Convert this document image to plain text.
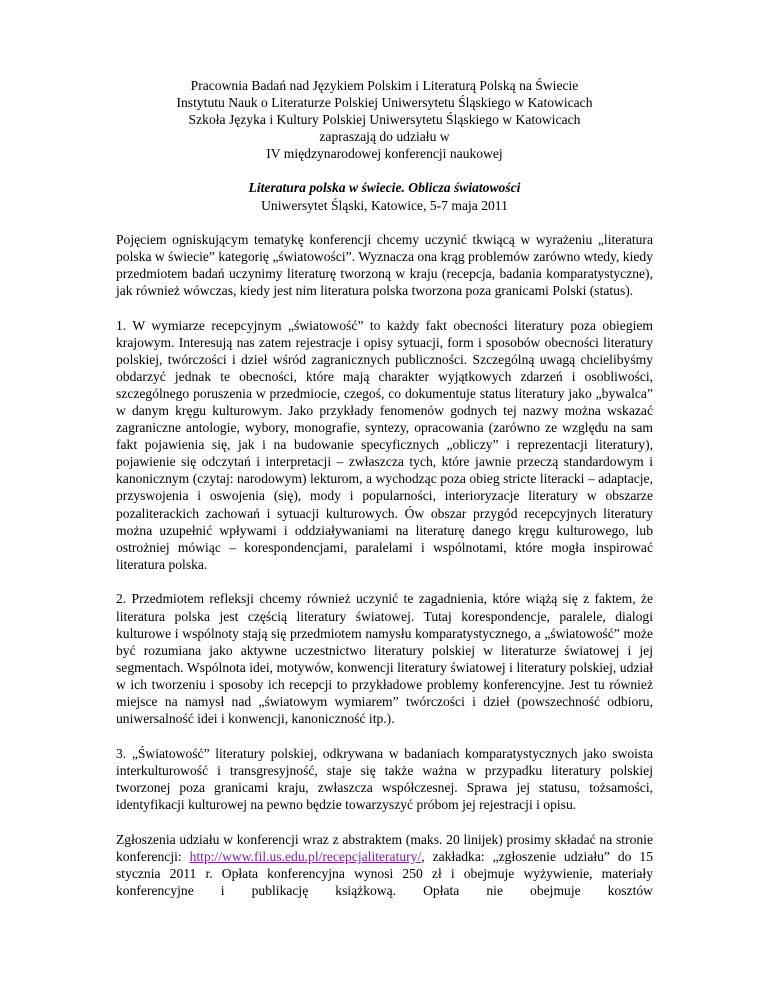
Pracownia Badań nad Językiem Polskim i Literaturą Polską na Świecie
Instytutu Nauk o Literaturze Polskiej Uniwersytetu Śląskiego w Katowicach
Szkoła Języka i Kultury Polskiej Uniwersytetu Śląskiego w Katowicach
zapraszają do udziału w
IV międzynarodowej konferencji naukowej
Literatura polska w świecie. Oblicza światowości
Uniwersytet Śląski, Katowice, 5-7 maja 2011

Pojęciem ogniskującym tematykę konferencji chcemy uczynić tkwiącą w wyrażeniu „literatura polska w świecie” kategorię „światowości”. Wyznacza ona krąg problemów zarówno wtedy, kiedy przedmiotem badań uczynimy literaturę tworzoną w kraju (recepcja, badania komparatystyczne), jak również wówczas, kiedy jest nim literatura polska tworzona poza granicami Polski (status).

1. W wymiarze recepcyjnym „światowość” to każdy fakt obecności literatury poza obiegiem krajowym. Interesują nas zatem rejestracje i opisy sytuacji, form i sposobów obecności literatury polskiej, twórczości i dzieł wśród zagranicznych publiczności. Szczególną uwagą chcielibyśmy obdarzyć jednak te obecności, które mają charakter wyjątkowych zdarzeń i osobliwości, szczególnego poruszenia w przedmiocie, czegoś, co dokumentuje status literatury jako „bywalca” w danym kręgu kulturowym. Jako przykłady fenomenów godnych tej nazwy można wskazać zagraniczne antologie, wybory, monografie, syntezy, opracowania (zarówno ze względu na sam fakt pojawienia się, jak i na budowanie specyficznych „obliczy” i reprezentacji literatury), pojawienie się odczytań i interpretacji – zwłaszcza tych, które jawnie przeczą standardowym i kanonicznym (czytaj: narodowym) lekturom, a wychodząc poza obieg stricte literacki – adaptacje, przyswojenia i oswojenia (się), mody i popularności, interioryzacje literatury w obszarze pozaliterackich zachowań i sytuacji kulturowych. Ów obszar przygód recepcyjnych literatury można uzupełnić wpływami i oddziaływaniami na literaturę danego kręgu kulturowego, lub ostrożniej mówiąc – korespondencjami, paralelami i wspólnotami, które mogła inspirować literatura polska.

2. Przedmiotem refleksji chcemy również uczynić te zagadnienia, które wiążą się z faktem, że literatura polska jest częścią literatury światowej. Tutaj korespondencje, paralele, dialogi kulturowe i wspólnoty stają się przedmiotem namysłu komparatystycznego, a „światowość” może być rozumiana jako aktywne uczestnictwo literatury polskiej w literaturze światowej i jej segmentach. Wspólnota idei, motywów, konwencji literatury światowej i literatury polskiej, udział w ich tworzeniu i sposoby ich recepcji to przykładowe problemy konferencyjne. Jest tu również miejsce na namysł nad „światowym wymiarem” twórczości i dzieł (powszechność odbioru, uniwersalność idei i konwencji, kanoniczność itp.).

3. „Światowość” literatury polskiej, odkrywana w badaniach komparatystycznych jako swoista interkulturowość i transgresyjność, staje się także ważna w przypadku literatury polskiej tworzonej poza granicami kraju, zwłaszcza współczesnej. Sprawa jej statusu, tożsamości, identyfikacji kulturowej na pewno będzie towarzyszyć próbom jej rejestracji i opisu.

Zgłoszenia udziału w konferencji wraz z abstraktem (maks. 20 linijek) prosimy składać na stronie konferencji: http://www.fil.us.edu.pl/recepcjaliteratury/, zakładka: „zgłoszenie udziału” do 15 stycznia 2011 r. Opłata konferencyjna wynosi 250 zł i obejmuje wyżywienie, materiały konferencyjne i publikację książkową. Opłata nie obejmuje kosztów
